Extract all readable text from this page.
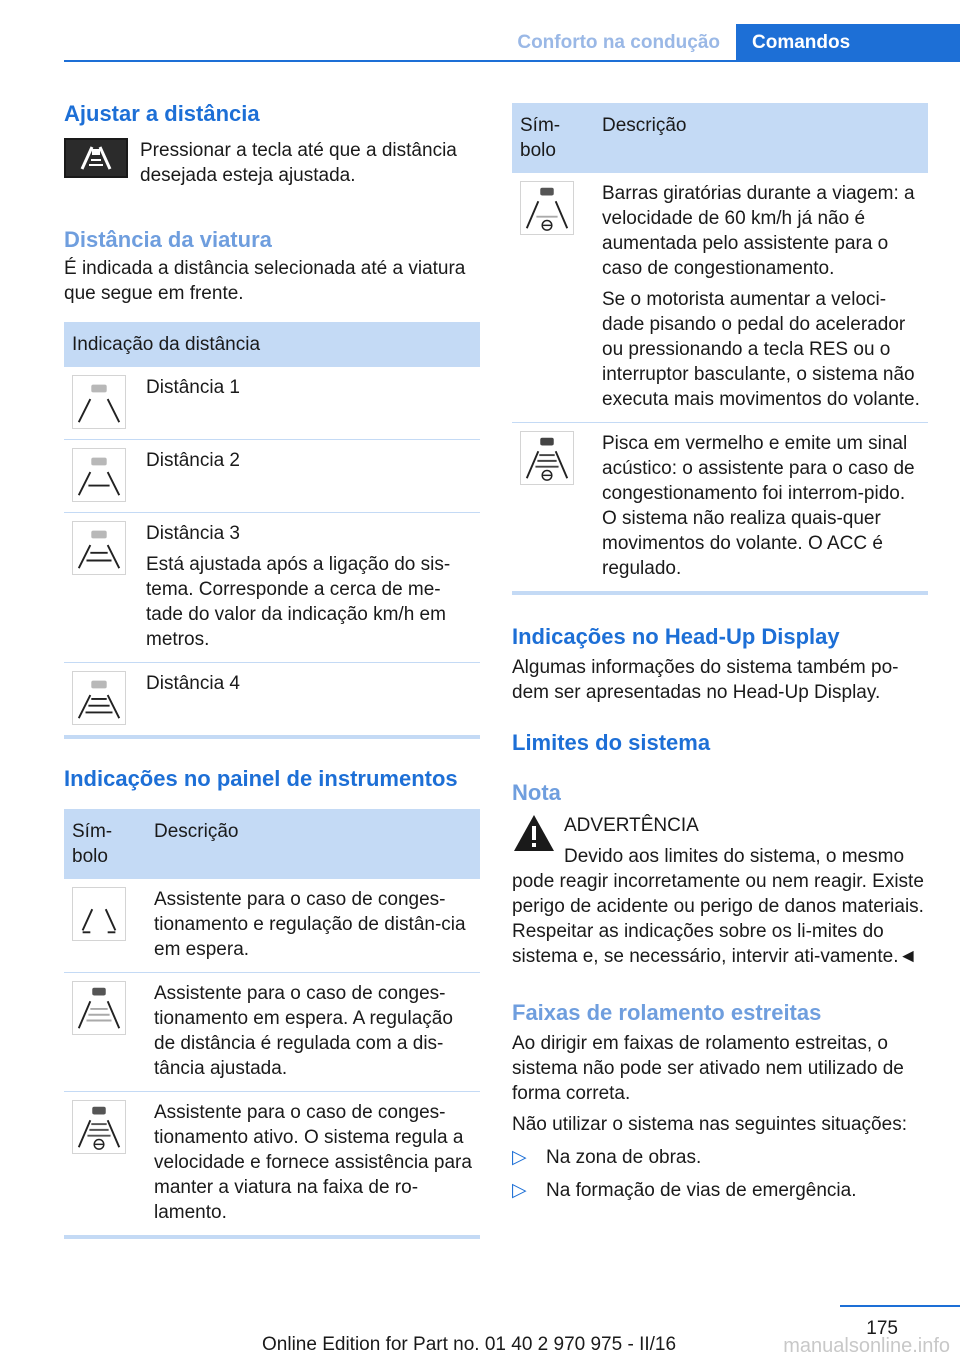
Conforto na condução	Comandos
Ajustar a distância

Pressionar a tecla até que a distância desejada esteja ajustada.

Distância da viatura

É indicada a distância selecionada até a viatura que segue em frente.

Indicação da distância	

Distância 1

Distância 2

Distância 3

Está ajustada após a ligação do sis-tema. Corresponde a cerca de me-tade do valor da indicação km/h em metros.

Distância 4

Indicações no painel de instrumentos
Sím-bolo	Descrição

Assistente para o caso de conges-tionamento e regulação de distân-cia em espera.

Assistente para o caso de conges-tionamento em espera. A regulação de distância é regulada com a dis-tância ajustada.

Assistente para o caso de conges-tionamento ativo. O sistema regula a velocidade e fornece assistência para manter a viatura na faixa de ro-lamento.

Sím-bolo	Descrição

Barras giratórias durante a viagem: a velocidade de 60 km/h já não é aumentada pelo assistente para o caso de congestionamento.

Se o motorista aumentar a veloci-dade pisando o pedal do acelerador ou pressionando a tecla RES ou o interruptor basculante, o sistema não executa mais movimentos do volante.

Pisca em vermelho e emite um sinal acústico: o assistente para o caso de congestionamento foi interrom-pido. O sistema não realiza quais-quer movimentos do volante. O ACC é regulado.

Indicações no Head-Up Display

Algumas informações do sistema também po-dem ser apresentadas no Head-Up Display.

Limites do sistema
Nota

ADVERTÊNCIA

Devido aos limites do sistema, o mesmo pode reagir incorretamente ou nem reagir. Existe perigo de acidente ou perigo de danos materiais. Respeitar as indicações sobre os li-mites do sistema e, se necessário, intervir ati-vamente.◄

Faixas de rolamento estreitas

Ao dirigir em faixas de rolamento estreitas, o sistema não pode ser ativado nem utilizado de forma correta.

Não utilizar o sistema nas seguintes situações:

▷ Na zona de obras.
▷ Na formação de vias de emergência.
175
Online Edition for Part no. 01 40 2 970 975 - II/16	manualsonline.info
